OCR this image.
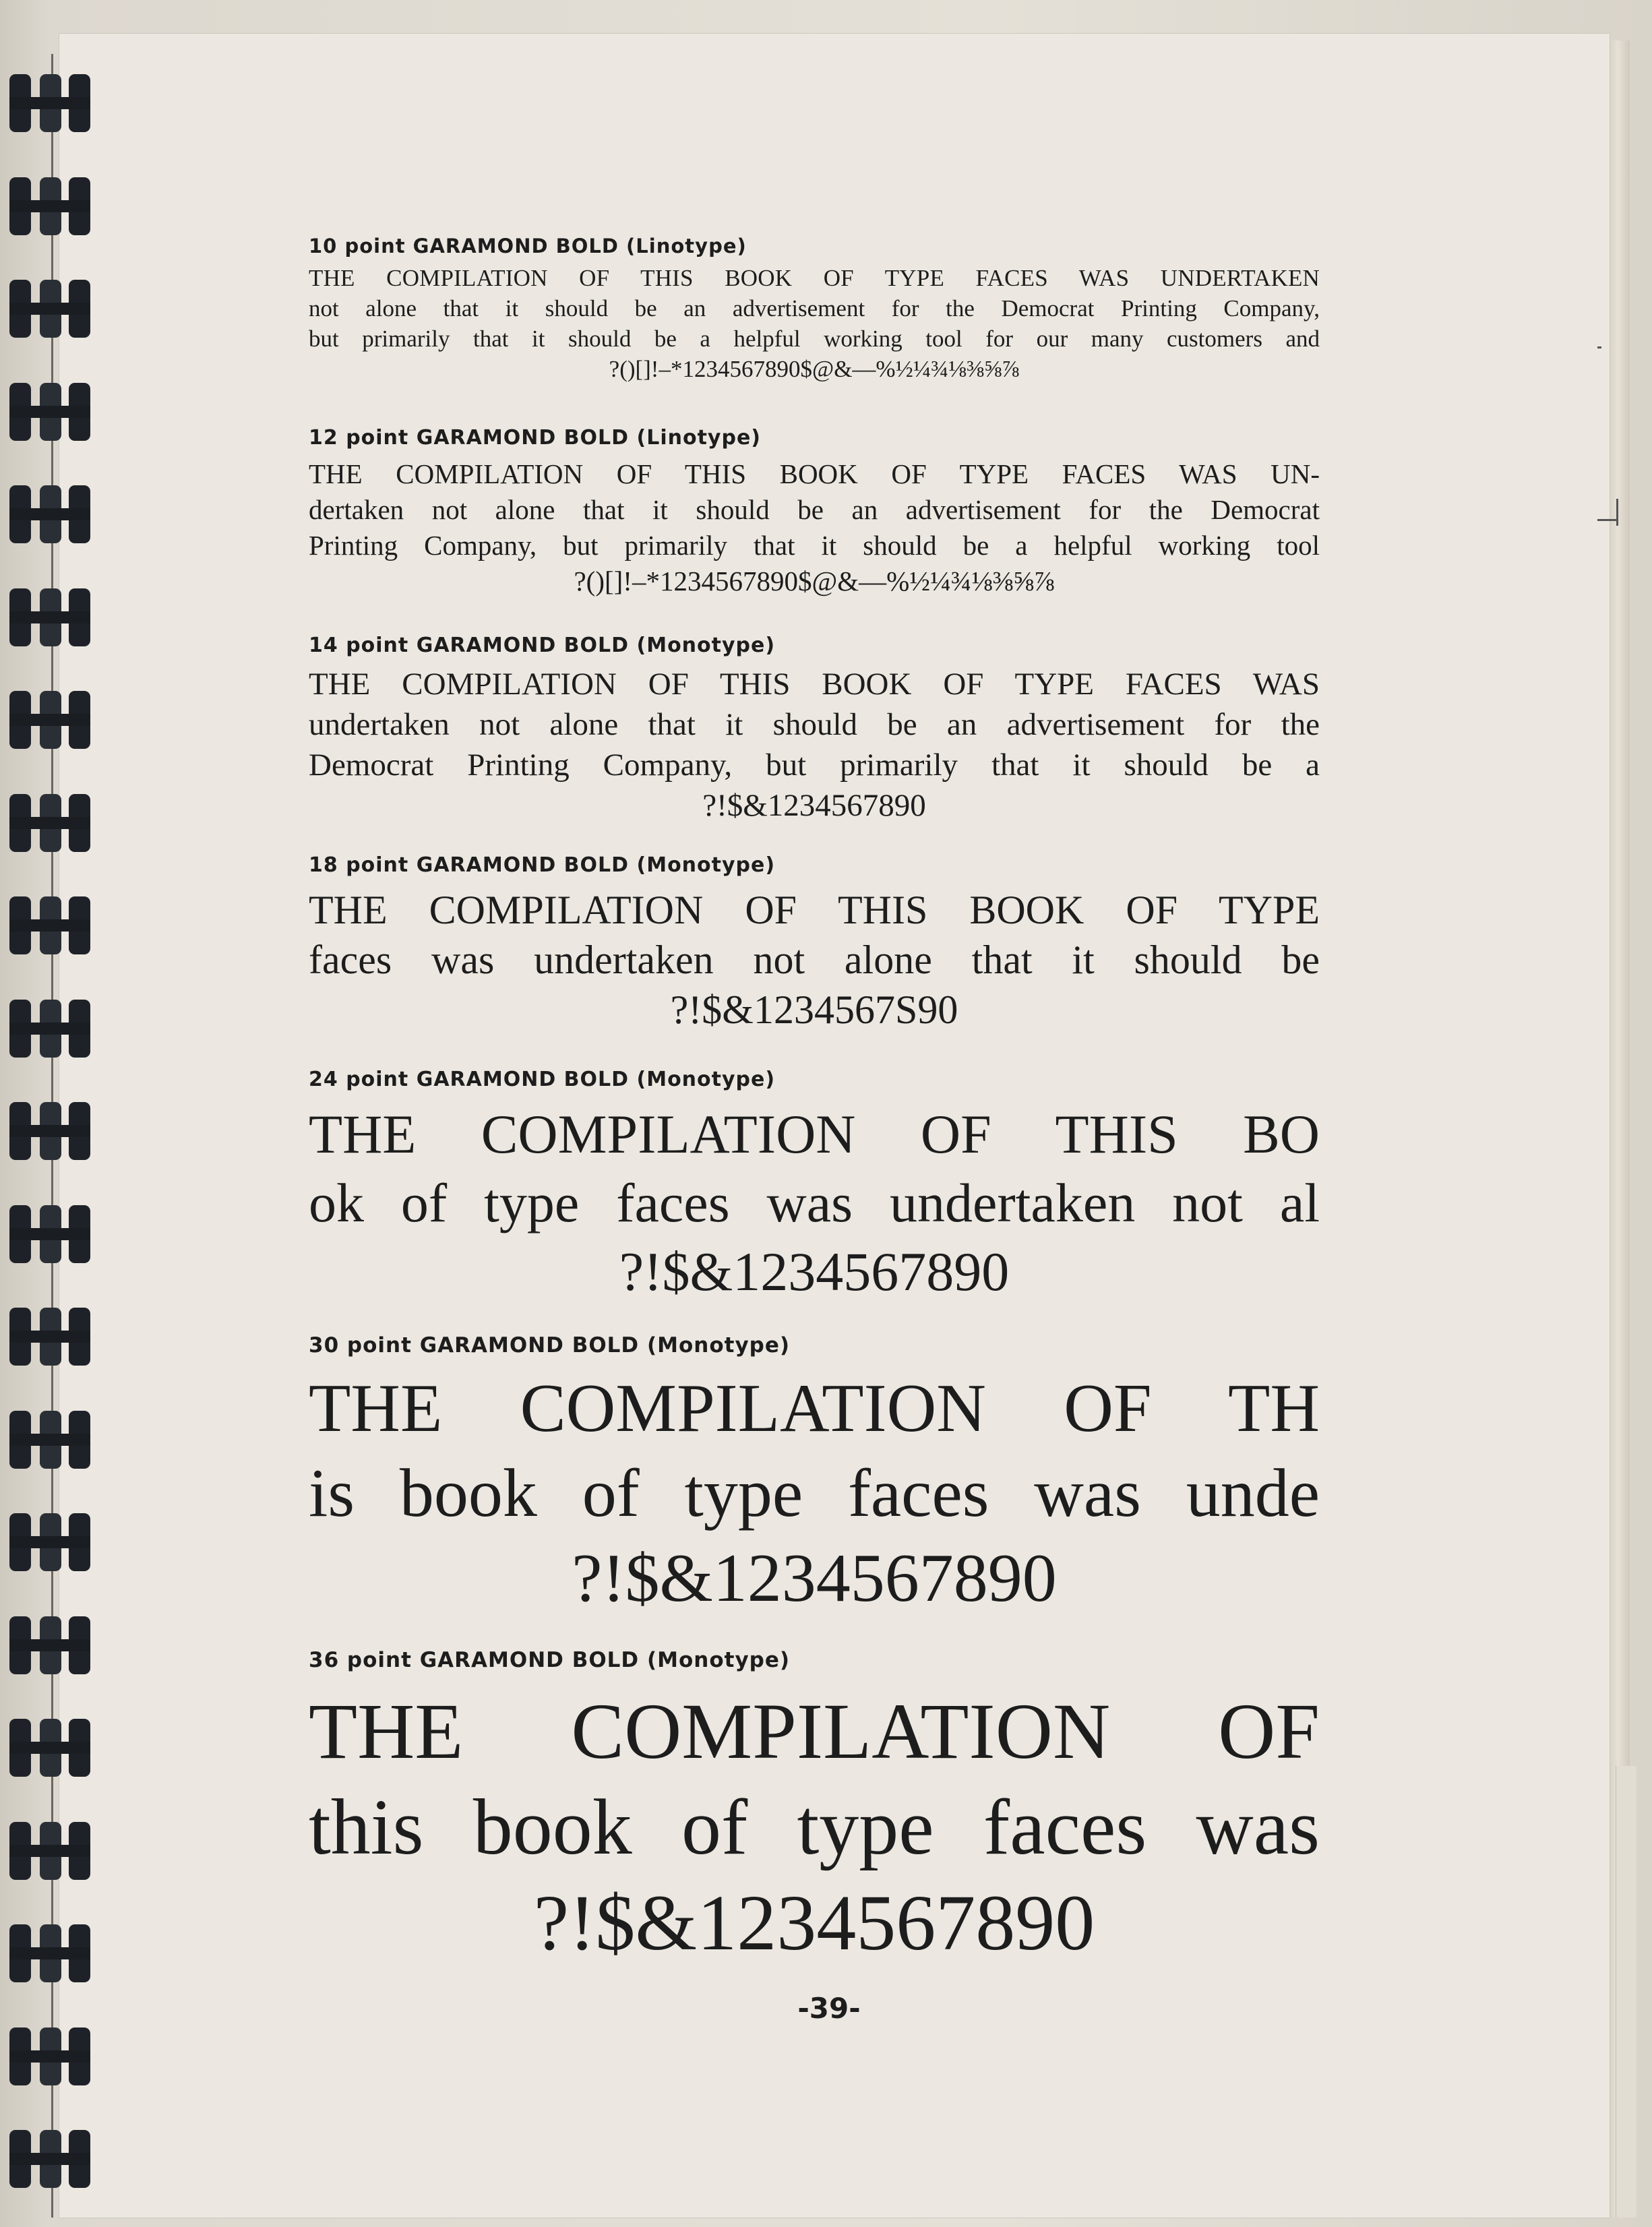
10 point GARAMOND BOLD (Linotype)
THE COMPILATION OF THIS BOOK OF TYPE FACES WAS UNDERTAKEN
not alone that it should be an advertisement for the Democrat Printing Company,
but primarily that it should be a helpful working tool for our many customers and
?()[]!–*1234567890$@&—%½¼¾⅛⅜⅝⅞
12 point GARAMOND BOLD (Linotype)
THE COMPILATION OF THIS BOOK OF TYPE FACES WAS UN-
dertaken not alone that it should be an advertisement for the Democrat
Printing Company, but primarily that it should be a helpful working tool
?()[]!–*1234567890$@&—%½¼¾⅛⅜⅝⅞
14 point GARAMOND BOLD (Monotype)
THE COMPILATION OF THIS BOOK OF TYPE FACES WAS
undertaken not alone that it should be an advertisement for the
Democrat Printing Company, but primarily that it should be a
?!$&1234567890
18 point GARAMOND BOLD (Monotype)
THE COMPILATION OF THIS BOOK OF TYPE
faces was undertaken not alone that it should be
?!$&1234567S90
24 point GARAMOND BOLD (Monotype)
THE COMPILATION OF THIS BO
ok of type faces was undertaken not al
?!$&1234567890
30 point GARAMOND BOLD (Monotype)
THE COMPILATION OF TH
is book of type faces was unde
?!$&1234567890
36 point GARAMOND BOLD (Monotype)
THE COMPILATION OF
this book of type faces was
?!$&1234567890
-39-
